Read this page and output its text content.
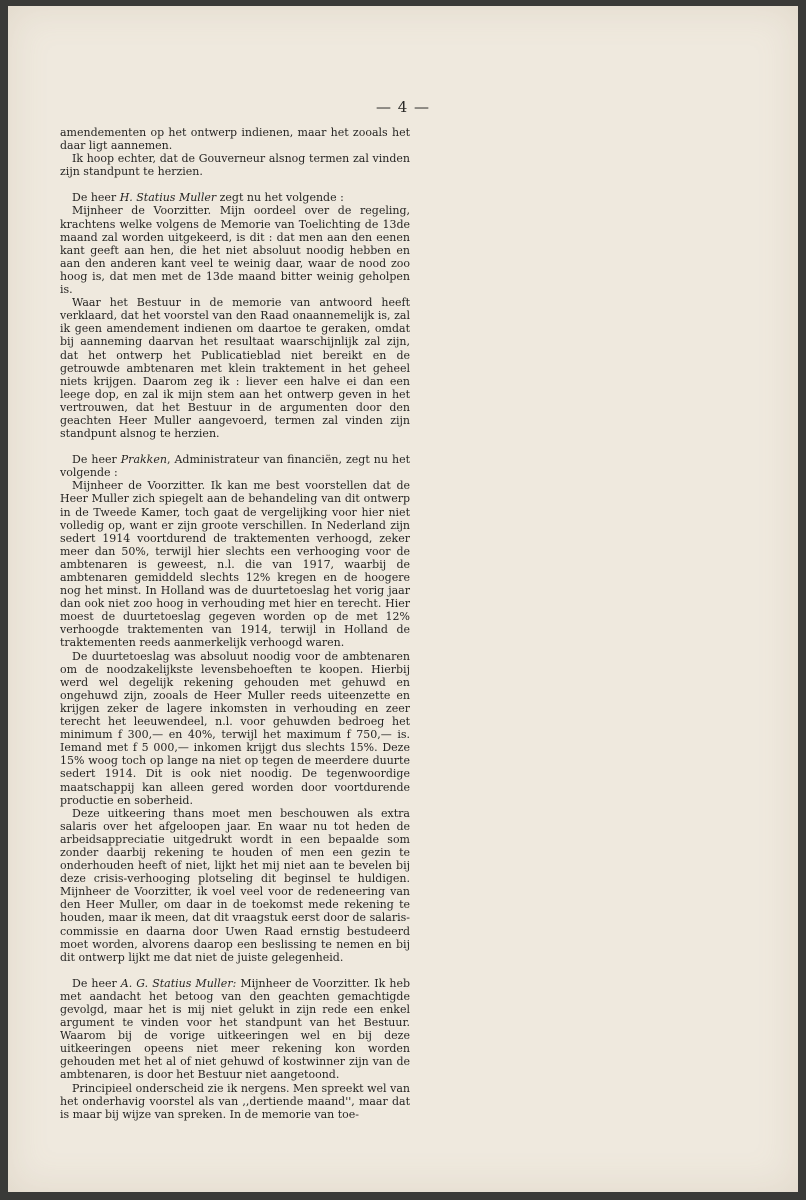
— 4 —

amendementen op het ontwerp indienen, maar het zooals het daar ligt aannemen.

Ik hoop echter, dat de Gouverneur alsnog termen zal vinden zijn standpunt te herzien.

De heer H. Statius Muller zegt nu het volgende :

Mijnheer de Voorzitter. Mijn oordeel over de regeling, krachtens welke volgens de Memorie van Toelichting de 13de maand zal worden uitgekeerd, is dit : dat men aan den eenen kant geeft aan hen, die het niet absoluut noodig hebben en aan den anderen kant veel te weinig daar, waar de nood zoo hoog is, dat men met de 13de maand bitter weinig geholpen is.

Waar het Bestuur in de memorie van antwoord heeft verklaard, dat het voorstel van den Raad onaannemelijk is, zal ik geen amendement indienen om daartoe te geraken, omdat bij aanneming daarvan het resultaat waarschijnlijk zal zijn, dat het ontwerp het Publicatieblad niet bereikt en de getrouwde ambtenaren met klein traktement in het geheel niets krijgen. Daarom zeg ik : liever een halve ei dan een leege dop, en zal ik mijn stem aan het ontwerp geven in het vertrouwen, dat het Bestuur in de argumenten door den geachten Heer Muller aangevoerd, termen zal vinden zijn standpunt alsnog te herzien.

De heer Prakken, Administrateur van financiën, zegt nu het volgende :

Mijnheer de Voorzitter. Ik kan me best voorstellen dat de Heer Muller zich spiegelt aan de behandeling van dit ontwerp in de Tweede Kamer, toch gaat de vergelijking voor hier niet volledig op, want er zijn groote verschillen. In Nederland zijn sedert 1914 voortdurend de traktementen verhoogd, zeker meer dan 50%, terwijl hier slechts een verhooging voor de ambtenaren is geweest, n.l. die van 1917, waarbij de ambtenaren gemiddeld slechts 12% kregen en de hoogere nog het minst. In Holland was de duurtetoeslag het vorig jaar dan ook niet zoo hoog in verhouding met hier en terecht. Hier moest de duurtetoeslag gegeven worden op de met 12% verhoogde traktementen van 1914, terwijl in Holland de traktementen reeds aanmerkelijk verhoogd waren.

De duurtetoeslag was absoluut noodig voor de ambtenaren om de noodzakelijkste levensbehoeften te koopen. Hierbij werd wel degelijk rekening gehouden met gehuwd en ongehuwd zijn, zooals de Heer Muller reeds uiteenzette en krijgen zeker de lagere inkomsten in verhouding en zeer terecht het leeuwendeel, n.l. voor gehuwden bedroeg het minimum f 300,— en 40%, terwijl het maximum f 750,— is. Iemand met f 5 000,— inkomen krijgt dus slechts 15%. Deze 15% woog toch op lange na niet op tegen de meerdere duurte sedert 1914. Dit is ook niet noodig. De tegenwoordige maatschappij kan alleen gered worden door voortdurende productie en soberheid.

Deze uitkeering thans moet men beschouwen als extra salaris over het afgeloopen jaar. En waar nu tot heden de arbeidsappreciatie uitgedrukt wordt in een bepaalde som zonder daarbij rekening te houden of men een gezin te onderhouden heeft of niet, lijkt het mij niet aan te bevelen bij deze crisis-verhooging plotseling dit beginsel te huldigen. Mijnheer de Voorzitter, ik voel veel voor de redeneering van den Heer Muller, om daar in de toekomst mede rekening te houden, maar ik meen, dat dit vraagstuk eerst door de salaris-commissie en daarna door Uwen Raad ernstig bestudeerd moet worden, alvorens daarop een beslissing te nemen en bij dit ontwerp lijkt me dat niet de juiste gelegenheid.

De heer A. G. Statius Muller: Mijnheer de Voorzitter. Ik heb met aandacht het betoog van den geachten gemachtigde gevolgd, maar het is mij niet gelukt in zijn rede een enkel argument te vinden voor het standpunt van het Bestuur. Waarom bij de vorige uitkeeringen wel en bij deze uitkeeringen opeens niet meer rekening kon worden gehouden met het al of niet gehuwd of kostwinner zijn van de ambtenaren, is door het Bestuur niet aangetoond.

Principieel onderscheid zie ik nergens. Men spreekt wel van het onderhavig voorstel als van ,,dertiende maand'', maar dat is maar bij wijze van spreken. In de memorie van toe-
